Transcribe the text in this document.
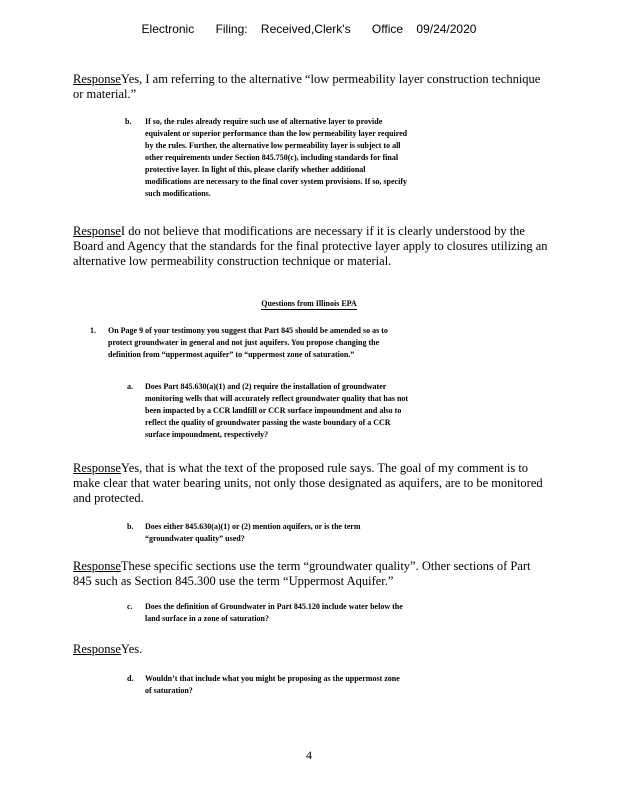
Electronic Filing: Received,Clerk's Office 09/24/2020
ResponseYes, I am referring to the alternative “low permeability layer construction technique
or material.”
b. If so, the rules already require such use of alternative layer to provide
equivalent or superior performance than the low permeability layer required
by the rules. Further, the alternative low permeability layer is subject to all
other requirements under Section 845.750(c), including standards for final
protective layer. In light of this, please clarify whether additional
modifications are necessary to the final cover system provisions. If so, specify
such modifications.
ResponseI do not believe that modifications are necessary if it is clearly understood by the
Board and Agency that the standards for the final protective layer apply to closures utilizing an
alternative low permeability construction technique or material.
Questions from Illinois EPA
1. On Page 9 of your testimony you suggest that Part 845 should be amended so as to
protect groundwater in general and not just aquifers. You propose changing the
definition from “uppermost aquifer” to “uppermost zone of saturation.”
a. Does Part 845.630(a)(1) and (2) require the installation of groundwater
monitoring wells that will accurately reflect groundwater quality that has not
been impacted by a CCR landfill or CCR surface impoundment and also to
reflect the quality of groundwater passing the waste boundary of a CCR
surface impoundment, respectively?
ResponseYes, that is what the text of the proposed rule says. The goal of my comment is to
make clear that water bearing units, not only those designated as aquifers, are to be monitored
and protected.
b. Does either 845.630(a)(1) or (2) mention aquifers, or is the term
“groundwater quality” used?
ResponseThese specific sections use the term “groundwater quality”. Other sections of Part
845 such as Section 845.300 use the term “Uppermost Aquifer.”
c. Does the definition of Groundwater in Part 845.120 include water below the
land surface in a zone of saturation?
ResponseYes.
d. Wouldn’t that include what you might be proposing as the uppermost zone
of saturation?
4
